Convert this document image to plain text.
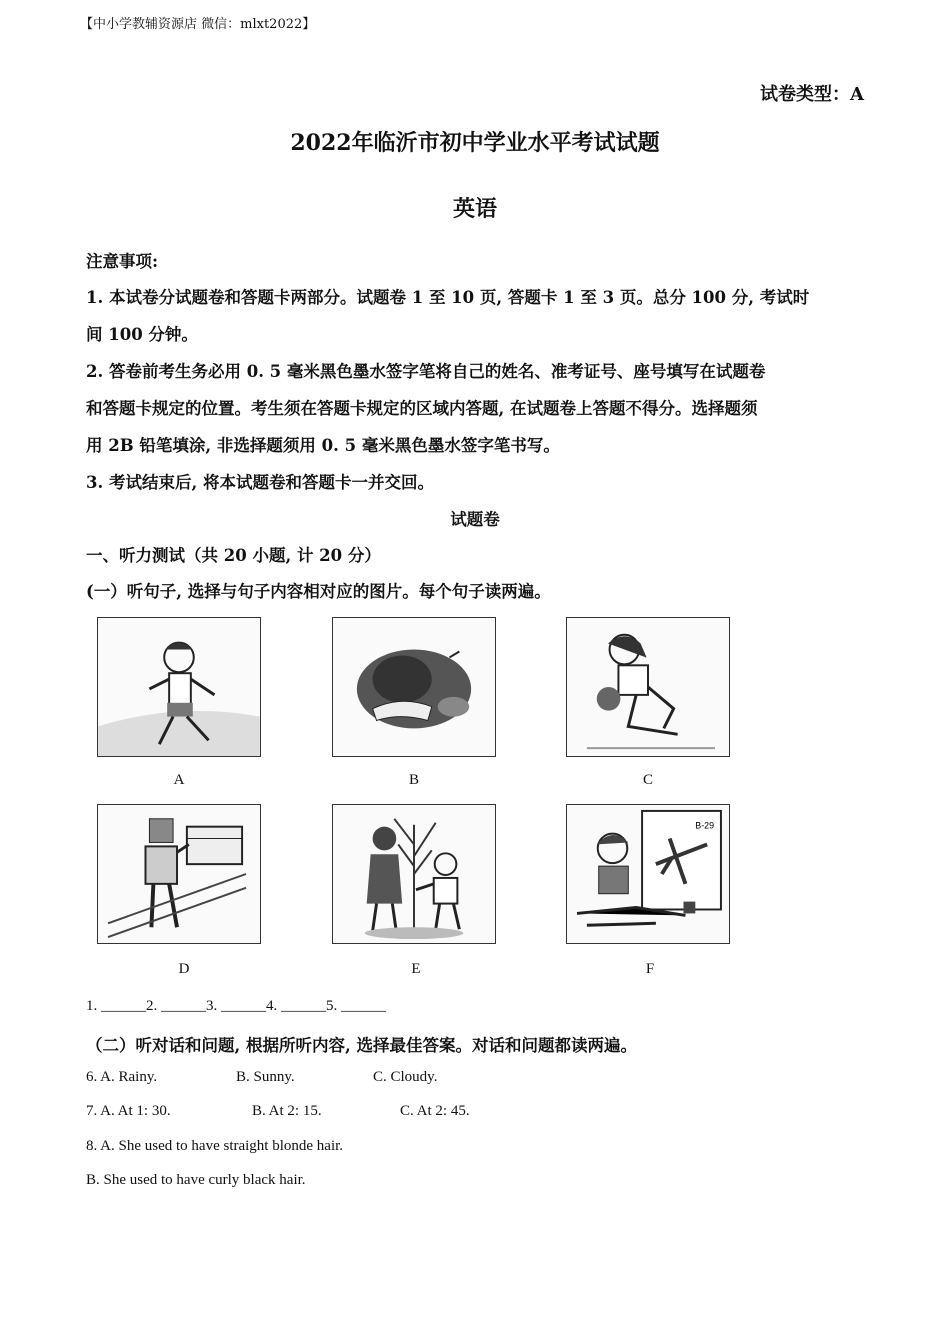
【中小学教辅资源店 微信：mlxt2022】
试卷类型：A
2022年临沂市初中学业水平考试试题
英语
注意事项:
1. 本试卷分试题卷和答题卡两部分。试题卷 1 至 10 页, 答题卡 1 至 3 页。总分 100 分, 考试时
间 100 分钟。
2. 答卷前考生务必用 0. 5 毫米黑色墨水签字笔将自己的姓名、准考证号、座号填写在试题卷
和答题卡规定的位置。考生须在答题卡规定的区域内答题, 在试题卷上答题不得分。选择题须
用 2B 铅笔填涂, 非选择题须用 0. 5 毫米黑色墨水签字笔书写。
3. 考试结束后, 将本试题卷和答题卡一并交回。
试题卷
一、听力测试（共 20 小题, 计 20 分）
(一）听句子, 选择与句子内容相对应的图片。每个句子读两遍。
A	B	C
D	E
B-29
F
1. ______2. ______3. ______4. ______5. ______
（二）听对话和问题, 根据所听内容, 选择最佳答案。对话和问题都读两遍。
6. A. Rainy.	B. Sunny.	C. Cloudy.
7. A. At 1: 30.	B. At 2: 15.	C. At 2: 45.
8. A. She used to have straight blonde hair.
B. She used to have curly black hair.
